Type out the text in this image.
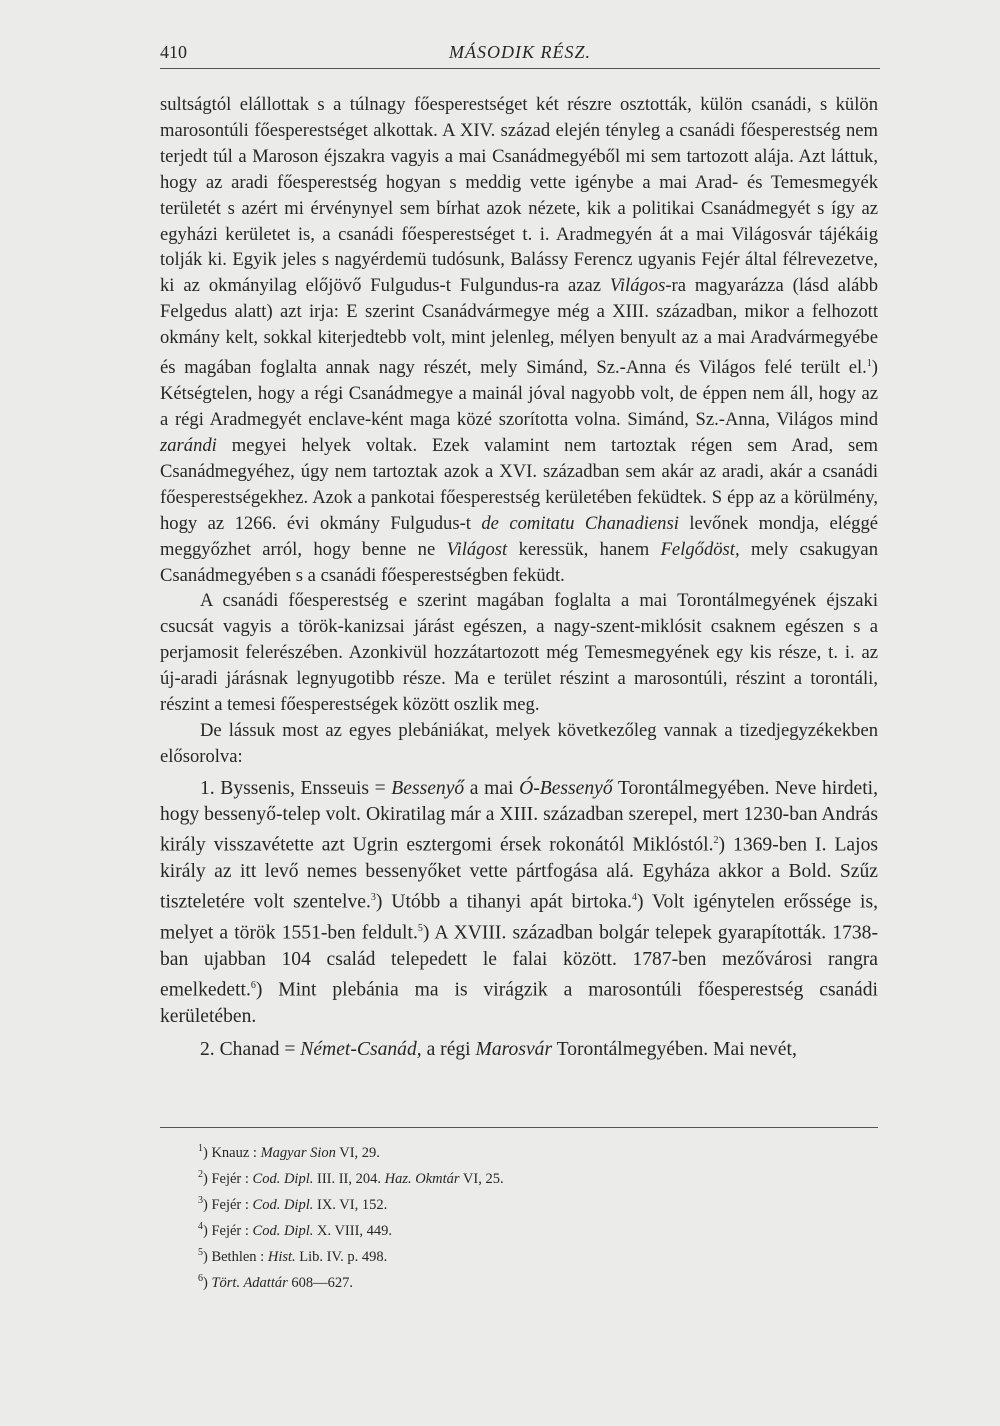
410	MÁSODIK RÉSZ.

sultságtól elállottak s a túlnagy főesperestséget két részre osztották, külön csanádi, s külön marosontúli főesperestséget alkottak. A XIV. század elején tényleg a csanádi főesperestség nem terjedt túl a Maroson éjszakra vagyis a mai Csanádmegyéből mi sem tartozott alája. Azt láttuk, hogy az aradi főesperestség hogyan s meddig vette igénybe a mai Arad- és Temesmegyék területét s azért mi érvénynyel sem bírhat azok nézete, kik a politikai Csanádmegyét s így az egyházi kerületet is, a csanádi főesperestséget t. i. Aradmegyén át a mai Világosvár tájékáig tolják ki. Egyik jeles s nagyérdemü tudósunk, Balássy Ferencz ugyanis Fejér által félrevezetve, ki az okmányilag előjövő Fulgudus-t Fulgundus-ra azaz Világos-ra magyarázza (lásd alább Felgedus alatt) azt irja: E szerint Csanádvármegye még a XIII. században, mikor a felhozott okmány kelt, sokkal kiterjedtebb volt, mint jelenleg, mélyen benyult az a mai Aradvármegyébe és magában foglalta annak nagy részét, mely Simánd, Sz.-Anna és Világos felé terült el.$^1$) Kétségtelen, hogy a régi Csanádmegye a mainál jóval nagyobb volt, de éppen nem áll, hogy az a régi Aradmegyét enclave-ként maga közé szorította volna. Simánd, Sz.-Anna, Világos mind zarándi megyei helyek voltak. Ezek valamint nem tartoztak régen sem Arad, sem Csanádmegyéhez, úgy nem tartoztak azok a XVI. században sem akár az aradi, akár a csanádi főesperestségekhez. Azok a pankotai főesperestség kerületében feküdtek. S épp az a körülmény, hogy az 1266. évi okmány Fulgudus-t de comitatu Chanadiensi levőnek mondja, eléggé meggyőzhet arról, hogy benne ne Világost keressük, hanem Felgődöst, mely csakugyan Csanádmegyében s a csanádi főesperestségben feküdt.

A csanádi főesperestség e szerint magában foglalta a mai Torontálmegyének éjszaki csucsát vagyis a török-kanizsai járást egészen, a nagy-szent-miklósit csaknem egészen s a perjamosit felerészében. Azonkivül hozzátartozott még Temesmegyének egy kis része, t. i. az új-aradi járásnak legnyugotibb része. Ma e terület részint a marosontúli, részint a torontáli, részint a temesi főesperestségek között oszlik meg.

De lássuk most az egyes plebániákat, melyek következőleg vannak a tizedjegyzékekben elősorolva:

1. Byssenis, Ensseuis = Bessenyő a mai Ó-Bessenyő Torontálmegyében. Neve hirdeti, hogy bessenyő-telep volt. Okiratilag már a XIII. században szerepel, mert 1230-ban András király visszavétette azt Ugrin esztergomi érsek rokonától Miklóstól.$^2$) 1369-ben I. Lajos király az itt levő nemes bessenyőket vette pártfogása alá. Egyháza akkor a Bold. Szűz tiszteletére volt szentelve.$^3$) Utóbb a tihanyi apát birtoka.$^4$) Volt igénytelen erőssége is, melyet a török 1551-ben feldult.$^5$) A XVIII. században bolgár telepek gyarapították. 1738-ban ujabban 104 család telepedett le falai között. 1787-ben mezővárosi rangra emelkedett.$^6$) Mint plebánia ma is virágzik a marosontúli főesperestség csanádi kerületében.

2. Chanad = Német-Csanád, a régi Marosvár Torontálmegyében. Mai nevét,

$^1$) Knauz : Magyar Sion VI, 29.
$^2$) Fejér : Cod. Dipl. III. II, 204. Haz. Okmtár VI, 25.
$^3$) Fejér : Cod. Dipl. IX. VI, 152.
$^4$) Fejér : Cod. Dipl. X. VIII, 449.
$^5$) Bethlen : Hist. Lib. IV. p. 498.
$^6$) Tört. Adattár 608—627.
